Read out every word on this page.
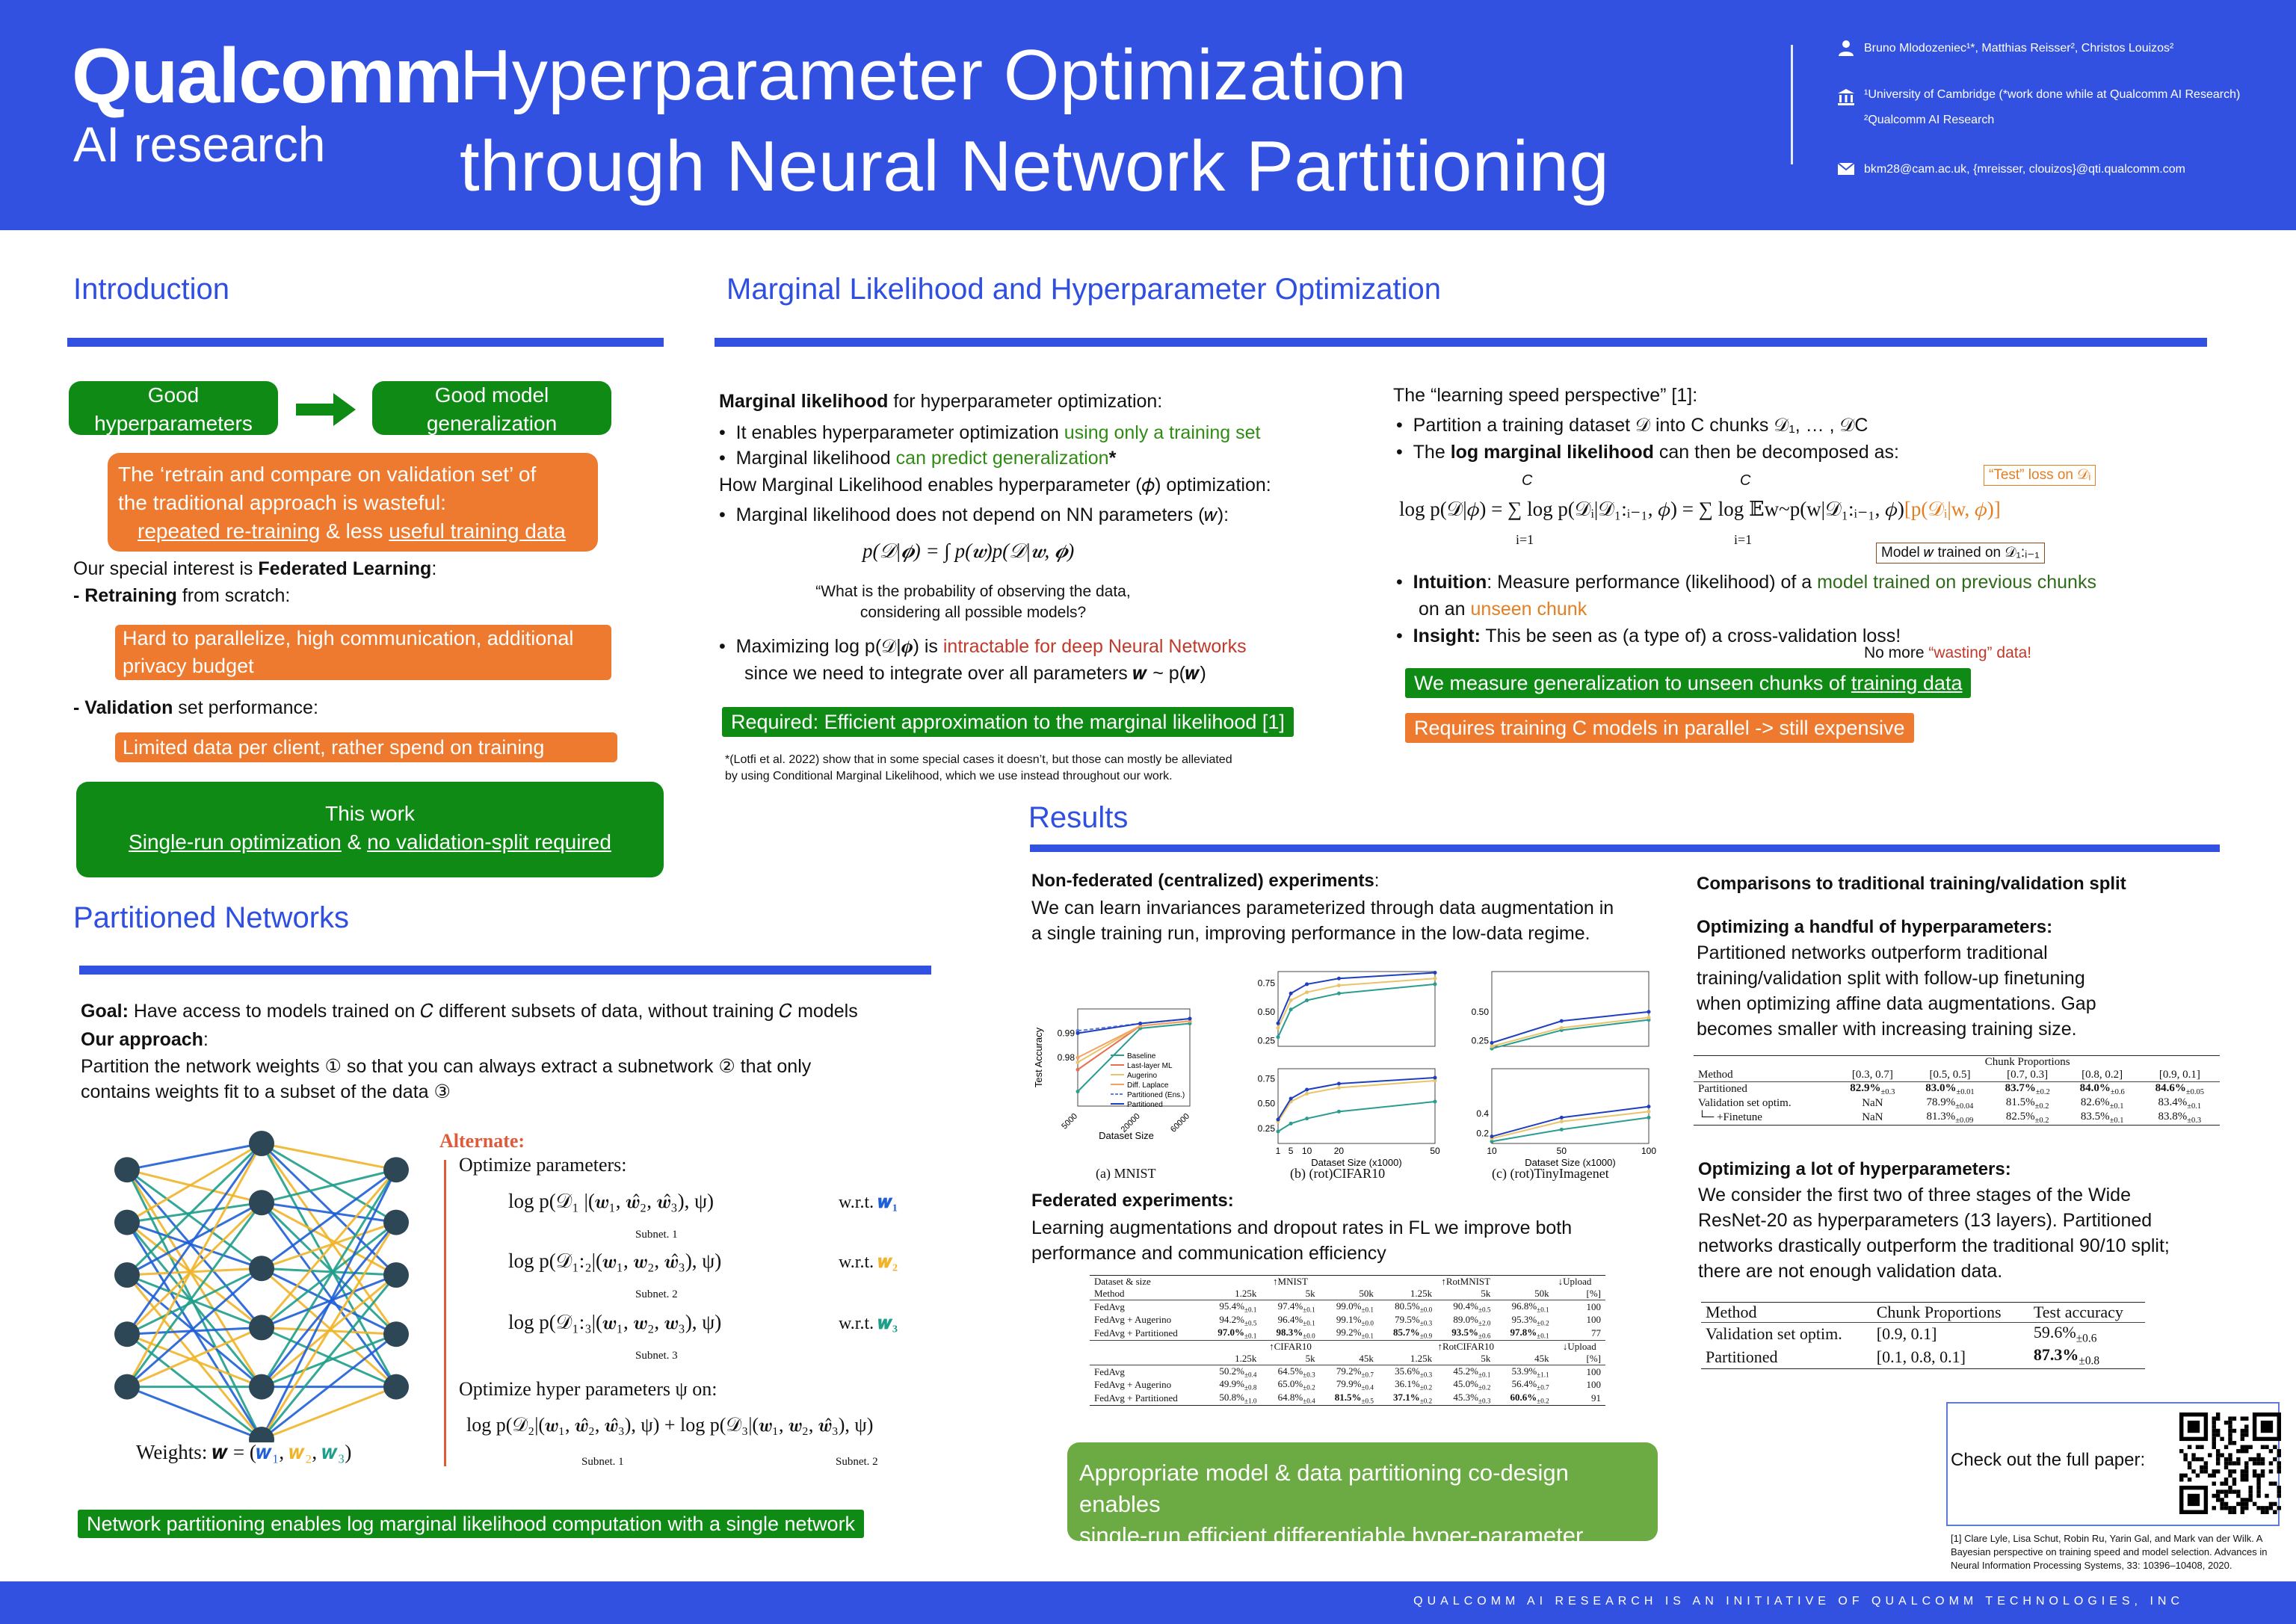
Qualcomm
AI research
Hyperparameter Optimization
through Neural Network Partitioning
Bruno Mlodozeniec¹*, Matthias Reisser², Christos Louizos²
¹University of Cambridge (*work done while at Qualcomm AI Research)
²Qualcomm AI Research
bkm28@cam.ac.uk, {mreisser, clouizos}@qti.qualcomm.com
Introduction
Good hyperparameters
Good model generalization
The ‘retrain and compare on validation set’ of
the traditional approach is wasteful:
repeated re-training & less useful training data
Our special interest is Federated Learning:
- Retraining from scratch:
Hard to parallelize, high communication, additional privacy budget
- Validation set performance:
Limited data per client, rather spend on training
This work
Single-run optimization & no validation-split required
Marginal Likelihood and Hyperparameter Optimization
Marginal likelihood for hyperparameter optimization:
•  It enables hyperparameter optimization using only a training set
•  Marginal likelihood can predict generalization*
How Marginal Likelihood enables hyperparameter (𝜙) optimization:
•  Marginal likelihood does not depend on NN parameters (𝑤):
p(𝒟|𝝓) = ∫ p(𝒘)p(𝒟|𝒘, 𝝓)
“What is the probability of observing the data,
considering all possible models?
•  Maximizing log p(𝒟|𝝓) is intractable for deep Neural Networks
since we need to integrate over all parameters 𝒘 ~ p(𝒘)
Required: Efficient approximation to the marginal likelihood [1]
*(Lotfi et al. 2022) show that in some special cases it doesn’t, but those can mostly be alleviated
by using Conditional Marginal Likelihood, which we use instead throughout our work.
The “learning speed perspective” [1]:
•  Partition a training dataset 𝒟 into C chunks 𝒟₁, … , 𝒟C
•  The log marginal likelihood can then be decomposed as:
“Test” loss on 𝒟ᵢ
C	C
log p(𝒟|𝜙) = ∑ log p(𝒟ᵢ|𝒟₁:ᵢ₋₁, 𝜙) = ∑ log 𝔼w~p(w|𝒟₁:ᵢ₋₁, 𝜙)[p(𝒟ᵢ|w, 𝜙)]
i=1	i=1
Model 𝑤 trained on 𝒟₁:ᵢ₋₁
•  Intuition: Measure performance (likelihood) of a model trained on previous chunks
on an unseen chunk
•  Insight: This be seen as (a type of) a cross-validation loss!
No more “wasting” data!
We measure generalization to unseen chunks of training data
Requires training C models in parallel -> still expensive
Partitioned Networks
Goal: Have access to models trained on 𝐶 different subsets of data, without training 𝐶 models
Our approach:
Partition the network weights ① so that you can always extract a subnetwork ② that only
contains weights fit to a subset of the data ③
Weights: 𝒘 = (𝒘₁, 𝒘₂, 𝒘₃)
Alternate:
Optimize parameters:
log p(𝒟₁ |(𝒘₁, 𝒘̂₂, 𝒘̂₃), ψ)
Subnet. 1
w.r.t. 𝒘₁
log p(𝒟₁:₂|(𝒘₁, 𝒘₂, 𝒘̂₃), ψ)
Subnet. 2
w.r.t. 𝒘₂
log p(𝒟₁:₃|(𝒘₁, 𝒘₂, 𝒘₃), ψ)
Subnet. 3
w.r.t. 𝒘₃
Optimize hyper parameters ψ on:
log p(𝒟₂|(𝒘₁, 𝒘̂₂, 𝒘̂₃), ψ) + log p(𝒟₃|(𝒘₁, 𝒘₂, 𝒘̂₃), ψ)
Subnet. 1	Subnet. 2
Network partitioning enables log marginal likelihood computation with a single network
Results
Non-federated (centralized) experiments:
We can learn invariances parameterized through data augmentation in
a single training run, improving performance in the low-data regime.
0.99
0.98
5000	20000	60000
Dataset Size
Test Accuracy	Baseline
Last-layer ML
Augerino
Diff. Laplace
Partitioned (Ens.)
Partitioned
0.75
0.50
0.25
0.75
0.50
0.25
1 5 10 20	50
Dataset Size (x1000)
0.50
0.25
0.4
0.2
10	50	100
Dataset Size (x1000)
(a) MNIST	(b) (rot)CIFAR10	(c) (rot)TinyImagenet
Federated experiments:
Learning augmentations and dropout rates in FL we improve both
performance and communication efficiency
Dataset & size	↑MNIST			↑RotMNIST			↓Upload
Method	1.25k	5k	50k	1.25k	5k	50k	[%]
FedAvg	$95.4\%_{\pm 0.1}$	$97.4\%_{\pm 0.1}$	$99.0\%_{\pm 0.1}$	$80.5\%_{\pm 0.0}$	$90.4\%_{\pm 0.5}$	$96.8\%_{\pm 0.1}$	100
FedAvg + Augerino	$94.2\%_{\pm 0.5}$	$96.4\%_{\pm 0.1}$	$99.1\%_{\pm 0.0}$	$79.5\%_{\pm 0.3}$	$89.0\%_{\pm 2.0}$	$95.3\%_{\pm 0.2}$	100
FedAvg + Partitioned	$97.0\%_{\pm 0.1}$	$98.3\%_{\pm 0.0}$	$99.2\%_{\pm 0.1}$	$85.7\%_{\pm 0.9}$	$93.5\%_{\pm 0.6}$	$97.8\%_{\pm 0.1}$	77
	↑CIFAR10			↑RotCIFAR10			↓Upload
	1.25k	5k	45k	1.25k	5k	45k	[%]
FedAvg	$50.2\%_{\pm 0.4}$	$64.5\%_{\pm 0.3}$	$79.2\%_{\pm 0.7}$	$35.6\%_{\pm 0.3}$	$45.2\%_{\pm 0.1}$	$53.9\%_{\pm 1.1}$	100
FedAvg + Augerino	$49.9\%_{\pm 0.8}$	$65.0\%_{\pm 0.2}$	$79.9\%_{\pm 0.4}$	$36.1\%_{\pm 0.2}$	$45.0\%_{\pm 0.2}$	$56.4\%_{\pm 0.7}$	100
FedAvg + Partitioned	$50.8\%_{\pm 1.0}$	$64.8\%_{\pm 0.4}$	$81.5\%_{\pm 0.5}$	$37.1\%_{\pm 0.2}$	$45.3\%_{\pm 0.3}$	$60.6\%_{\pm 0.2}$	91
Appropriate model & data partitioning co-design enables
single-run efficient differentiable hyper-parameter optimization
Comparisons to traditional training/validation split
Optimizing a handful of hyperparameters:
Partitioned networks outperform traditional
training/validation split with follow-up finetuning
when optimizing affine data augmentations. Gap
becomes smaller with increasing training size.
	Chunk Proportions				
Method	[0.3, 0.7]	[0.5, 0.5]	[0.7, 0.3]	[0.8, 0.2]	[0.9, 0.1]
Partitioned	$82.9\%_{\pm 0.3}$	$83.0\%_{\pm 0.01}$	$83.7\%_{\pm 0.2}$	$84.0\%_{\pm 0.6}$	$84.6\%_{\pm 0.05}$
Validation set optim.	NaN	$78.9\%_{\pm 0.04}$	$81.5\%_{\pm 0.2}$	$82.6\%_{\pm 0.1}$	$83.4\%_{\pm 0.1}$
└─ +Finetune	NaN	$81.3\%_{\pm 0.09}$	$82.5\%_{\pm 0.2}$	$83.5\%_{\pm 0.1}$	$83.8\%_{\pm 0.3}$
Optimizing a lot of hyperparameters:
We consider the first two of three stages of the Wide
ResNet-20 as hyperparameters (13 layers). Partitioned
networks drastically outperform the traditional 90/10 split;
there are not enough validation data.
Method	Chunk Proportions	Test accuracy
Validation set optim.	[0.9, 0.1]	$59.6\%_{\pm 0.6}$
Partitioned	[0.1, 0.8, 0.1]	$87.3\%_{\pm 0.8}$
Check out the full paper:
[1] Clare Lyle, Lisa Schut, Robin Ru, Yarin Gal, and Mark van der Wilk. A
Bayesian perspective on training speed and model selection. Advances in
Neural Information Processing Systems, 33: 10396–10408, 2020.
QUALCOMM AI RESEARCH IS AN INITIATIVE OF QUALCOMM TECHNOLOGIES, INC
